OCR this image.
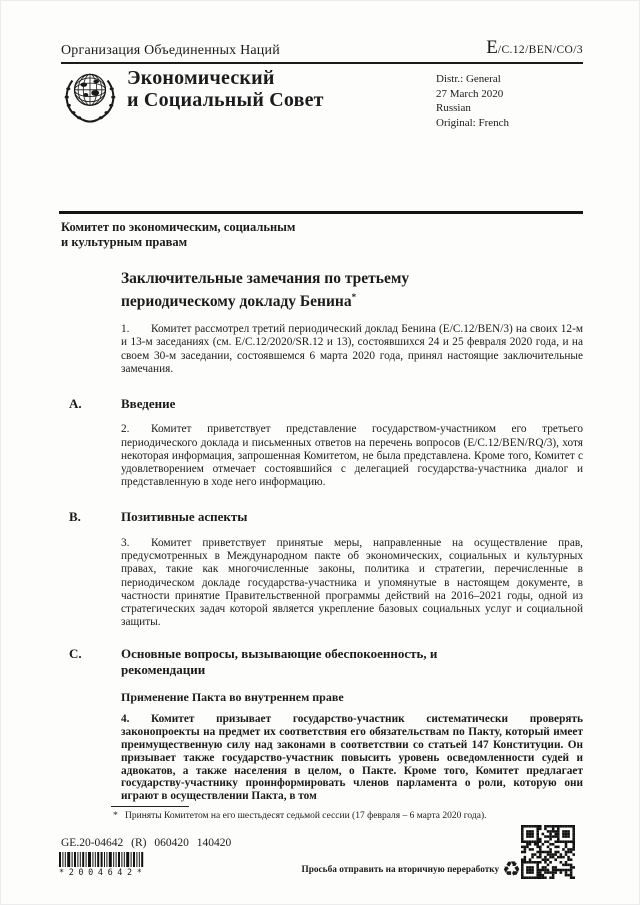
Организация Объединенных Наций	E/C.12/BEN/CO/3
Экономический
и Социальный Совет
Distr.: General
27 March 2020
Russian
Original: French
Комитет по экономическим, социальным
и культурным правам
Заключительные замечания по третьему периодическому докладу Бенина*

1. Комитет рассмотрел третий периодический доклад Бенина (E/C.12/BEN/3) на своих 12-м и 13-м заседаниях (см. E/C.12/2020/SR.12 и 13), состоявшихся 24 и 25 февраля 2020 года, и на своем 30-м заседании, состоявшемся 6 марта 2020 года, принял настоящие заключительные замечания.

A.	Введение

2. Комитет приветствует представление государством-участником его третьего периодического доклада и письменных ответов на перечень вопросов (E/C.12/BEN/RQ/3), хотя некоторая информация, запрошенная Комитетом, не была представлена. Кроме того, Комитет с удовлетворением отмечает состоявшийся с делегацией государства-участника диалог и представленную в ходе него информацию.

B.	Позитивные аспекты

3. Комитет приветствует принятые меры, направленные на осуществление прав, предусмотренных в Международном пакте об экономических, социальных и культурных правах, такие как многочисленные законы, политика и стратегии, перечисленные в периодическом докладе государства-участника и упомянутые в настоящем документе, в частности принятие Правительственной программы действий на 2016–2021 годы, одной из стратегических задач которой является укрепление базовых социальных услуг и социальной защиты.

C.	Основные вопросы, вызывающие обеспокоенность, и рекомендации
Применение Пакта во внутреннем праве

4. Комитет призывает государство-участник систематически проверять законопроекты на предмет их соответствия его обязательствам по Пакту, который имеет преимущественную силу над законами в соответствии со статьей 147 Конституции. Он призывает также государство-участник повысить уровень осведомленности судей и адвокатов, а также населения в целом, о Пакте. Кроме того, Комитет предлагает государству-участнику проинформировать членов парламента о роли, которую они играют в осуществлении Пакта, в том

* Приняты Комитетом на его шестьдесят седьмой сессии (17 февраля – 6 марта 2020 года).
GE.20-04642 (R) 060420 140420
*2004642*	Просьба отправить на вторичную переработку ♻
